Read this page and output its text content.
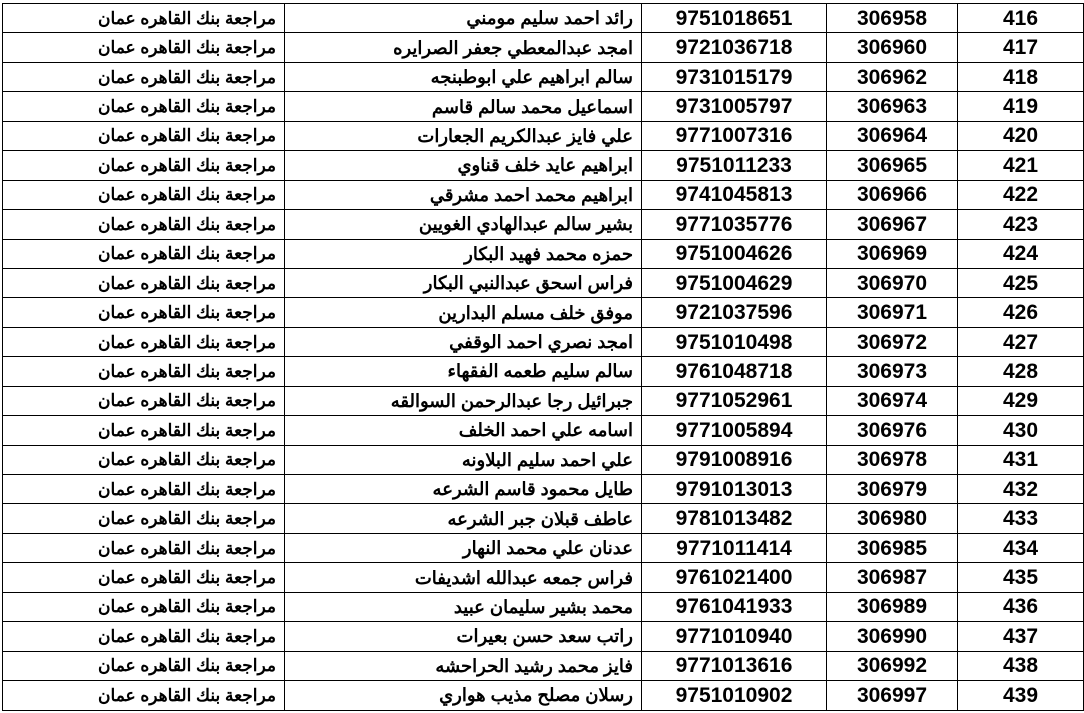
مراجعة بنك القاهره عمان	رائد احمد سليم مومني	9751018651	306958	416
مراجعة بنك القاهره عمان	امجد عبدالمعطي جعفر الصرايره	9721036718	306960	417
مراجعة بنك القاهره عمان	سالم ابراهيم علي ابوطبنجه	9731015179	306962	418
مراجعة بنك القاهره عمان	اسماعيل محمد سالم قاسم	9731005797	306963	419
مراجعة بنك القاهره عمان	علي فايز عبدالكريم الجعارات	9771007316	306964	420
مراجعة بنك القاهره عمان	ابراهيم عايد خلف قناوي	9751011233	306965	421
مراجعة بنك القاهره عمان	ابراهيم محمد احمد مشرقي	9741045813	306966	422
مراجعة بنك القاهره عمان	بشير سالم عبدالهادي الغويين	9771035776	306967	423
مراجعة بنك القاهره عمان	حمزه محمد فهيد البكار	9751004626	306969	424
مراجعة بنك القاهره عمان	فراس اسحق عبدالنبي البكار	9751004629	306970	425
مراجعة بنك القاهره عمان	موفق خلف مسلم البدارين	9721037596	306971	426
مراجعة بنك القاهره عمان	امجد نصري احمد الوقفي	9751010498	306972	427
مراجعة بنك القاهره عمان	سالم سليم طعمه الفقهاء	9761048718	306973	428
مراجعة بنك القاهره عمان	جبرائيل رجا عبدالرحمن السوالقه	9771052961	306974	429
مراجعة بنك القاهره عمان	اسامه علي احمد الخلف	9771005894	306976	430
مراجعة بنك القاهره عمان	علي احمد سليم البلاونه	9791008916	306978	431
مراجعة بنك القاهره عمان	طايل محمود قاسم الشرعه	9791013013	306979	432
مراجعة بنك القاهره عمان	عاطف قبلان جبر الشرعه	9781013482	306980	433
مراجعة بنك القاهره عمان	عدنان علي محمد النهار	9771011414	306985	434
مراجعة بنك القاهره عمان	فراس جمعه عبدالله اشديفات	9761021400	306987	435
مراجعة بنك القاهره عمان	محمد بشير سليمان عبيد	9761041933	306989	436
مراجعة بنك القاهره عمان	راتب سعد حسن بعيرات	9771010940	306990	437
مراجعة بنك القاهره عمان	فايز محمد رشيد الحراحشه	9771013616	306992	438
مراجعة بنك القاهره عمان	رسلان مصلح مذيب هواري	9751010902	306997	439
